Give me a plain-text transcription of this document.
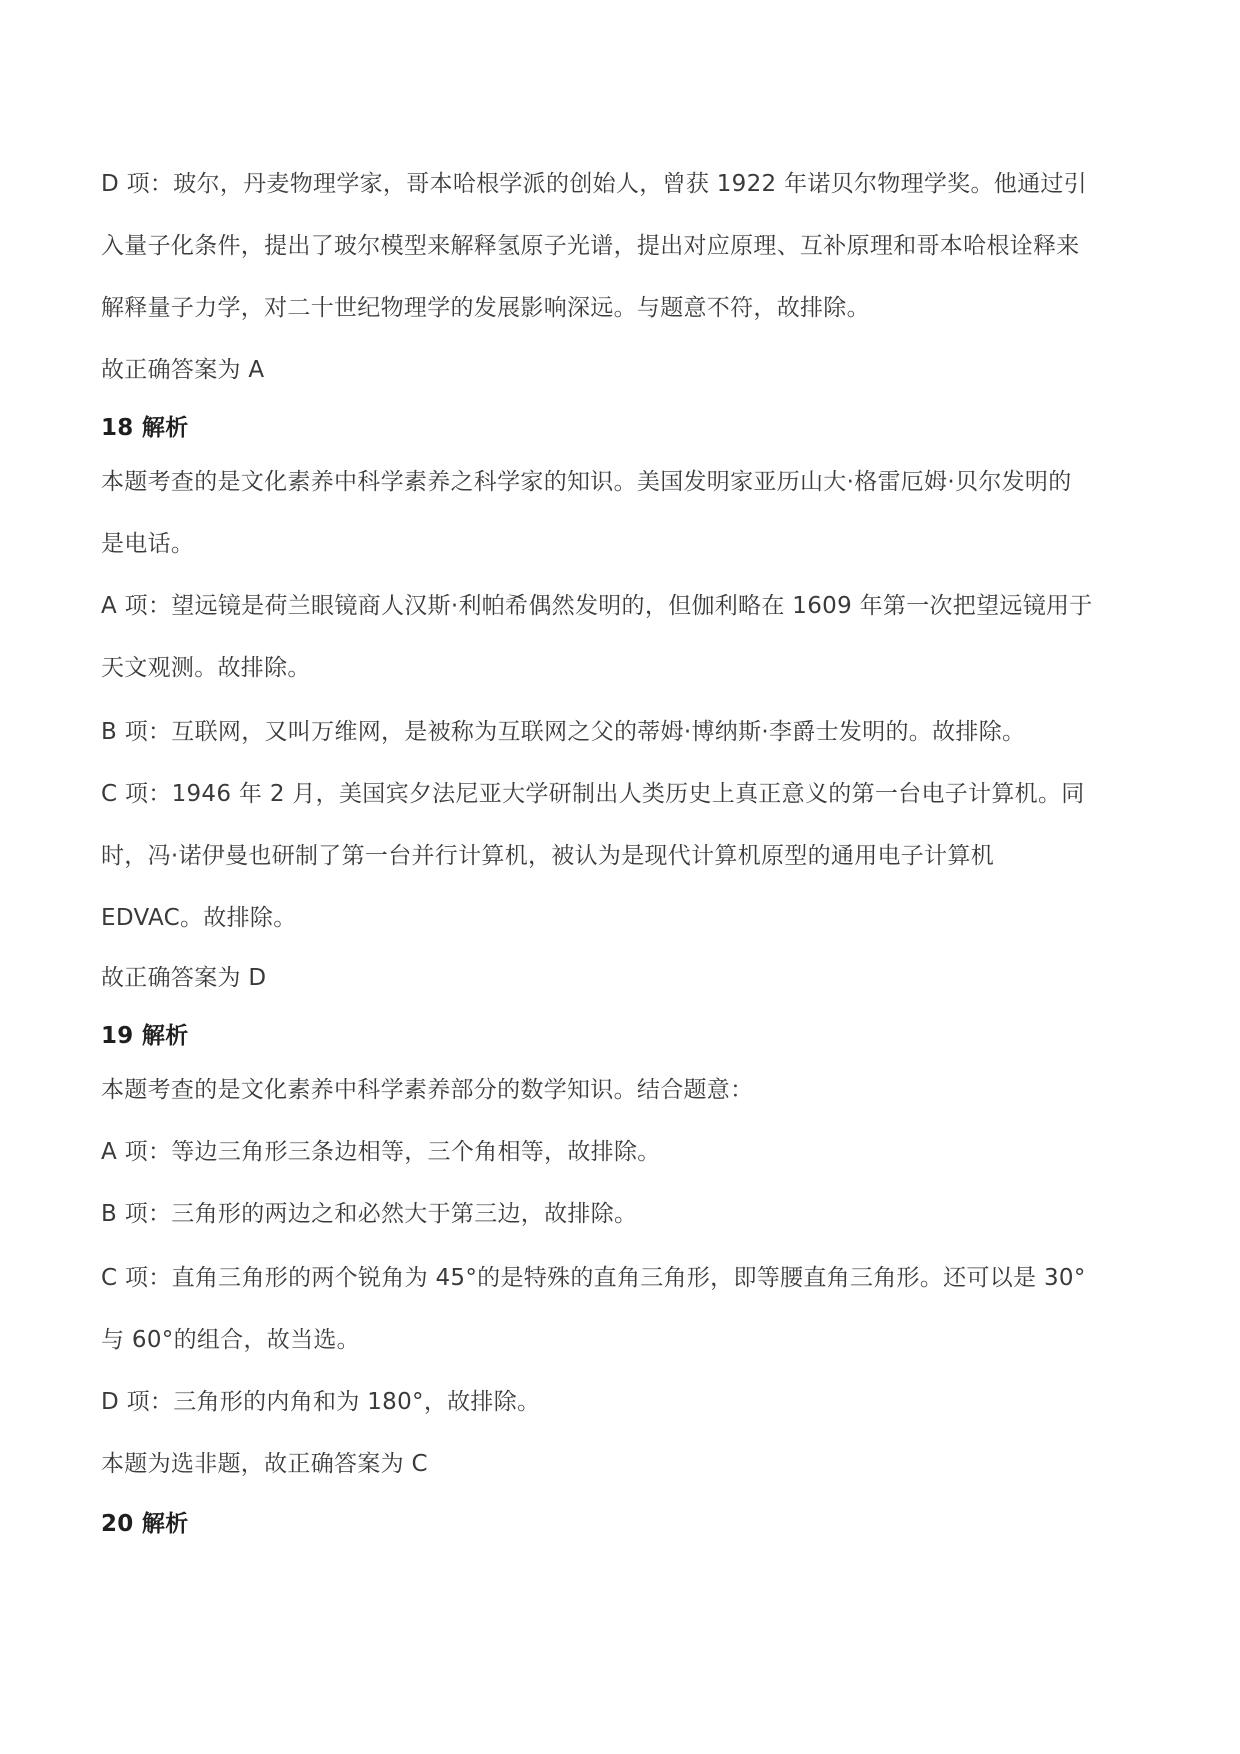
D 项：玻尔，丹麦物理学家，哥本哈根学派的创始人，曾获 1922 年诺贝尔物理学奖。他通过引
入量子化条件，提出了玻尔模型来解释氢原子光谱，提出对应原理、互补原理和哥本哈根诠释来
解释量子力学，对二十世纪物理学的发展影响深远。与题意不符，故排除。
故正确答案为 A
18 解析
本题考查的是文化素养中科学素养之科学家的知识。美国发明家亚历山大·格雷厄姆·贝尔发明的
是电话。
A 项：望远镜是荷兰眼镜商人汉斯·利帕希偶然发明的，但伽利略在 1609 年第一次把望远镜用于
天文观测。故排除。
B 项：互联网，又叫万维网，是被称为互联网之父的蒂姆·博纳斯·李爵士发明的。故排除。
C 项：1946 年 2 月，美国宾夕法尼亚大学研制出人类历史上真正意义的第一台电子计算机。同
时，冯·诺伊曼也研制了第一台并行计算机，被认为是现代计算机原型的通用电子计算机
EDVAC。故排除。
故正确答案为 D
19 解析
本题考查的是文化素养中科学素养部分的数学知识。结合题意：
A 项：等边三角形三条边相等，三个角相等，故排除。
B 项：三角形的两边之和必然大于第三边，故排除。
C 项：直角三角形的两个锐角为 45°的是特殊的直角三角形，即等腰直角三角形。还可以是 30°
与 60°的组合，故当选。
D 项：三角形的内角和为 180°，故排除。
本题为选非题，故正确答案为 C
20 解析
